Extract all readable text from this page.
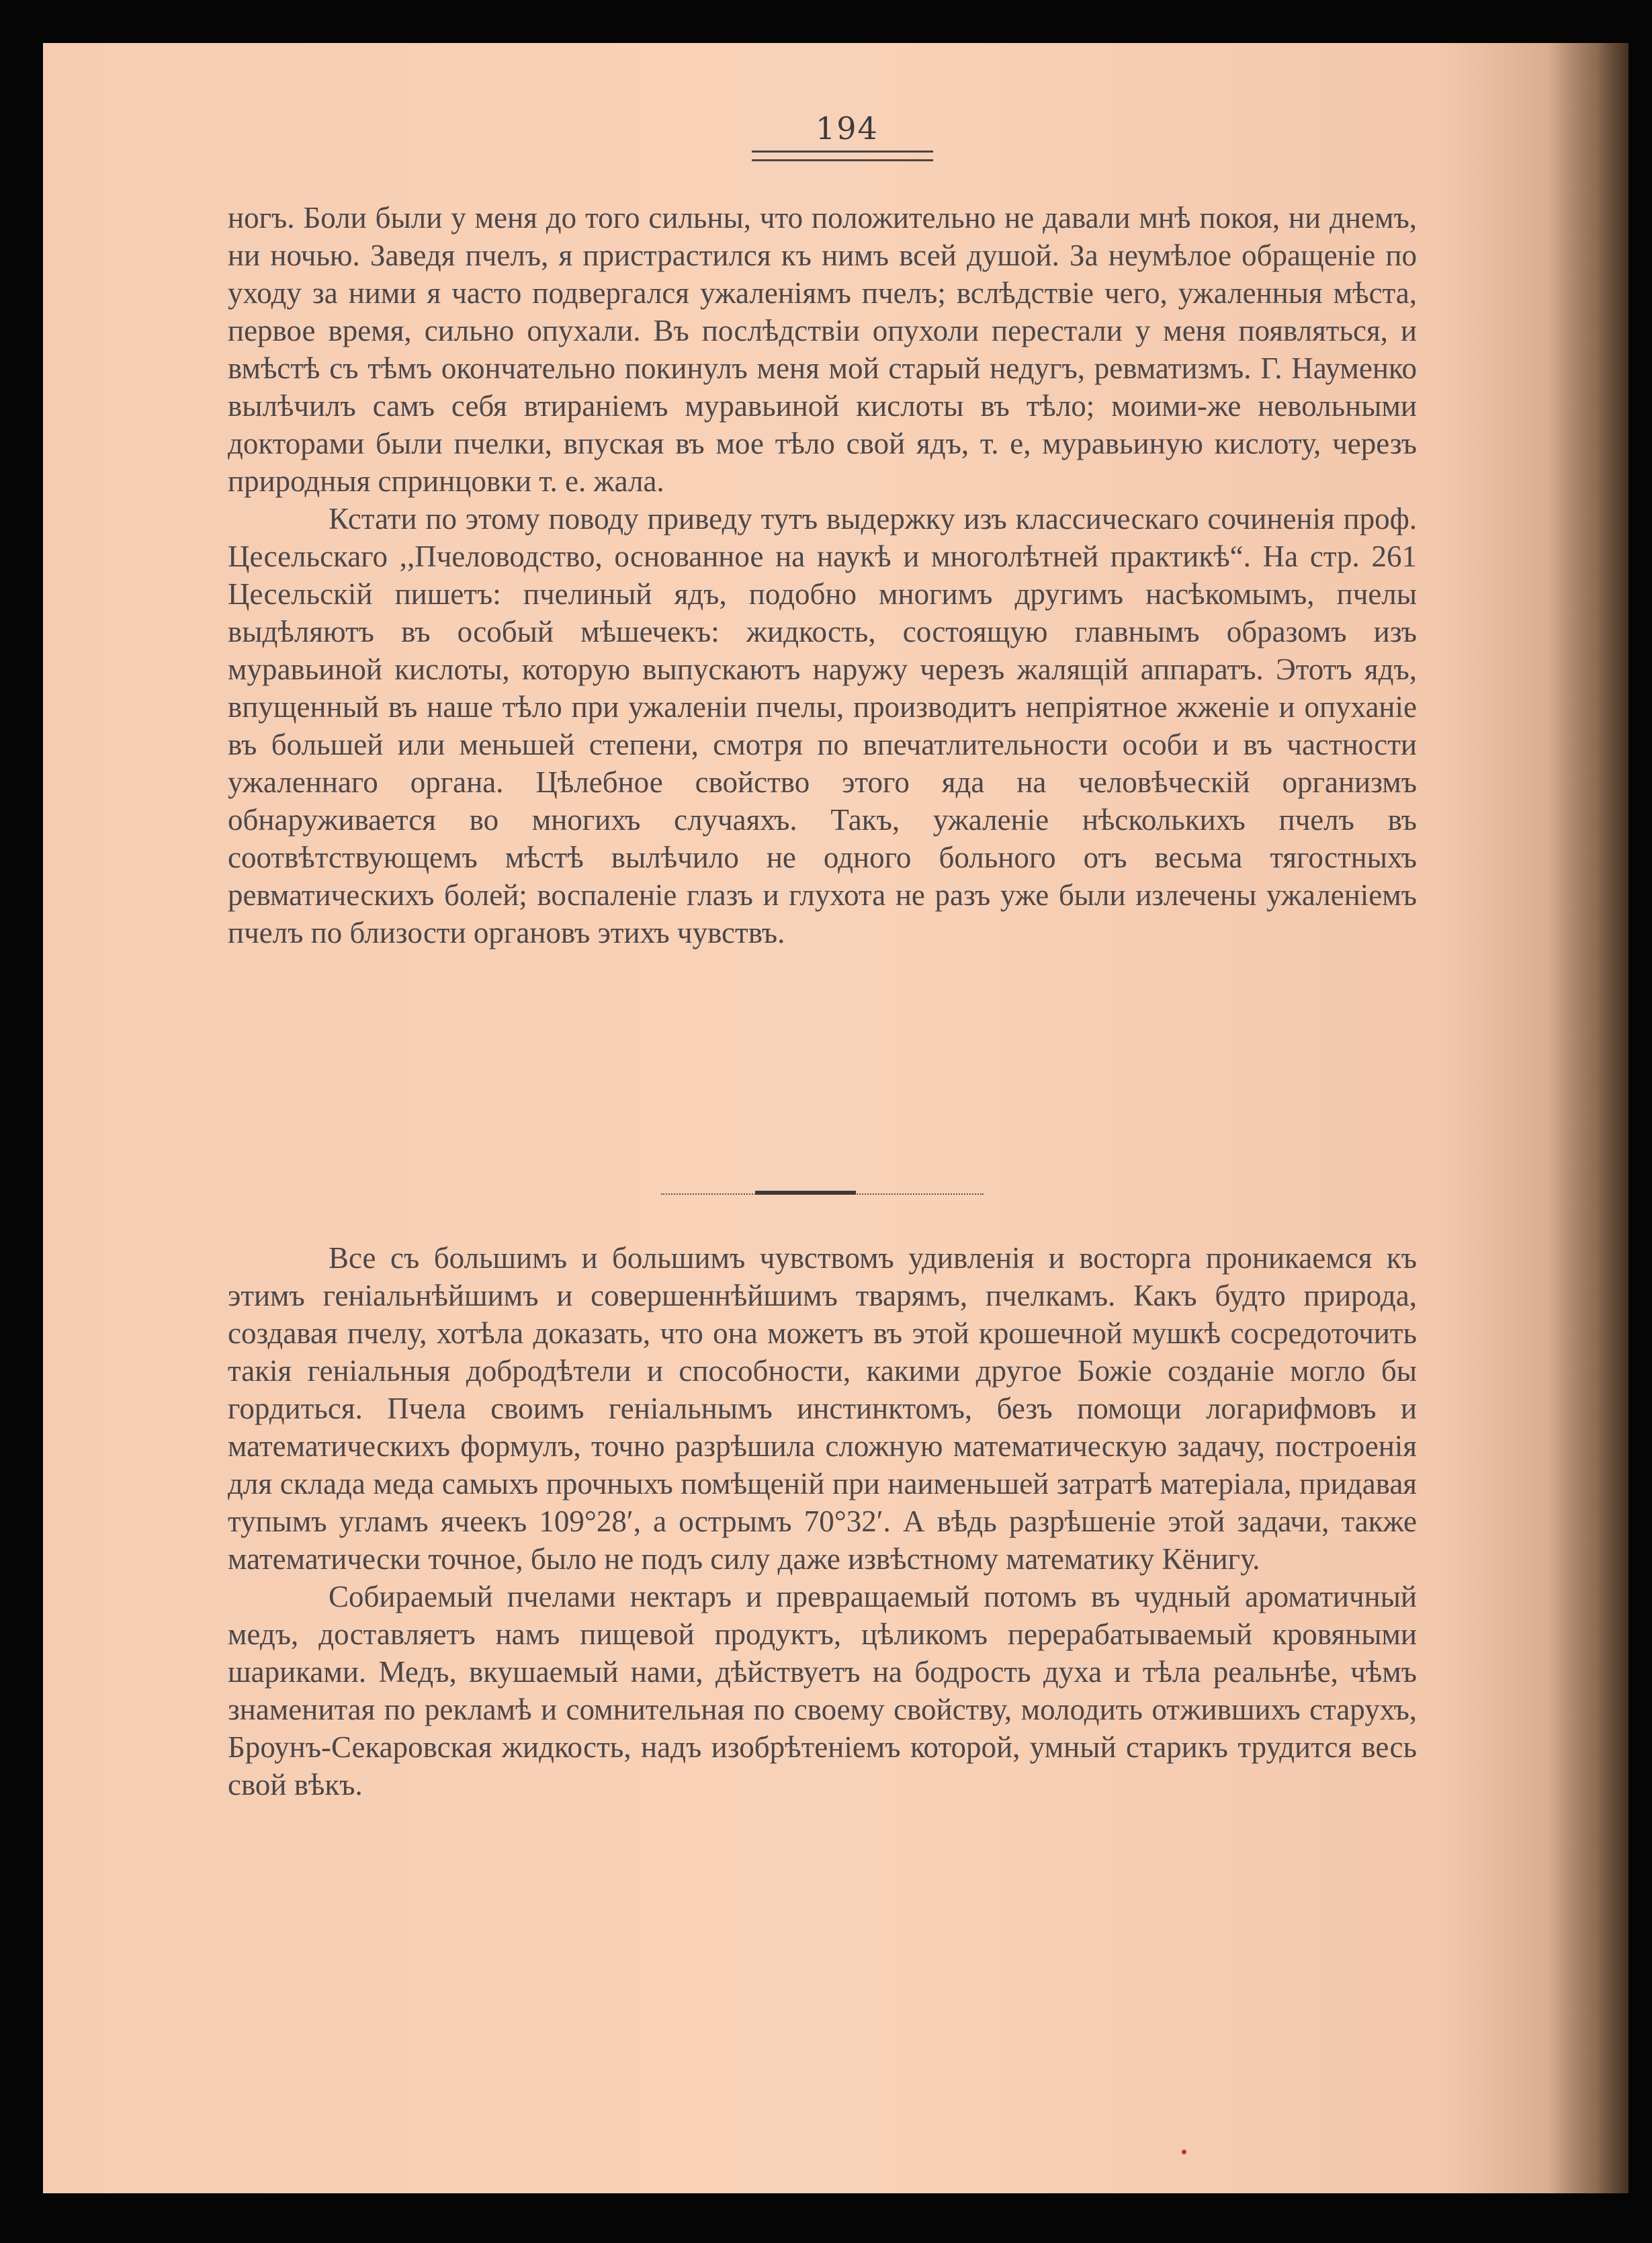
194

ногъ. Боли были у меня до того сильны, что положительно не давали мнѣ покоя, ни днемъ, ни ночью. Заведя пчелъ, я пристрастился къ нимъ всей душой. За неумѣлое обращеніе по уходу за ними я часто подвергался ужаленіямъ пчелъ; вслѣдствіе чего, ужаленныя мѣста, первое время, сильно опухали. Въ послѣдствіи опухоли перестали у меня появляться, и вмѣстѣ съ тѣмъ окончательно покинулъ меня мой старый недугъ, ревматизмъ. Г. Науменко вылѣчилъ самъ себя втираніемъ муравьиной кислоты въ тѣло; моими-же невольными докторами были пчелки, впуская въ мое тѣло свой ядъ, т. е, муравьиную кислоту, черезъ природныя спринцовки т. е. жала.

Кстати по этому поводу приведу тутъ выдержку изъ классическаго сочиненія проф. Цесельскаго ,,Пчеловодство, основанное на наукѣ и многолѣтней практикѣ“. На стр. 261 Цесельскій пишетъ: пчелиный ядъ, подобно многимъ другимъ насѣкомымъ, пчелы выдѣляютъ въ особый мѣшечекъ: жидкость, состоящую главнымъ образомъ изъ муравьиной кислоты, которую выпускаютъ наружу черезъ жалящій аппаратъ. Этотъ ядъ, впущенный въ наше тѣло при ужаленіи пчелы, производитъ непріятное жженіе и опуханіе въ большей или меньшей степени, смотря по впечатлительности особи и въ частности ужаленнаго органа. Цѣлебное свойство этого яда на человѣческій организмъ обнаруживается во многихъ случаяхъ. Такъ, ужаленіе нѣсколькихъ пчелъ въ соотвѣтствующемъ мѣстѣ вылѣчило не одного больного отъ весьма тягостныхъ ревматическихъ болей; воспаленіе глазъ и глухота не разъ уже были излечены ужаленіемъ пчелъ по близости органовъ этихъ чувствъ.

Все съ большимъ и большимъ чувствомъ удивленія и восторга проникаемся къ этимъ геніальнѣйшимъ и совершеннѣйшимъ тварямъ, пчелкамъ. Какъ будто природа, создавая пчелу, хотѣла доказать, что она можетъ въ этой крошечной мушкѣ сосредоточить такія геніальныя добродѣтели и способности, какими другое Божіе созданіе могло бы гордиться. Пчела своимъ геніальнымъ инстинктомъ, безъ помощи логарифмовъ и математическихъ формулъ, точно разрѣшила сложную математическую задачу, построенія для склада меда самыхъ прочныхъ помѣщеній при наименьшей затратѣ матеріала, придавая тупымъ угламъ ячеекъ 109°28′, а острымъ 70°32′. А вѣдь разрѣшеніе этой задачи, также математически точное, было не подъ силу даже извѣстному математику Кёнигу.

Собираемый пчелами нектаръ и превращаемый потомъ въ чудный ароматичный медъ, доставляетъ намъ пищевой продуктъ, цѣликомъ перерабатываемый кровяными шариками. Медъ, вкушаемый нами, дѣйствуетъ на бодрость духа и тѣла реальнѣе, чѣмъ знаменитая по рекламѣ и сомнительная по своему свойству, молодить отжившихъ старухъ, Броунъ-Секаровская жидкость, надъ изобрѣтеніемъ которой, умный старикъ трудится весь свой вѣкъ.
